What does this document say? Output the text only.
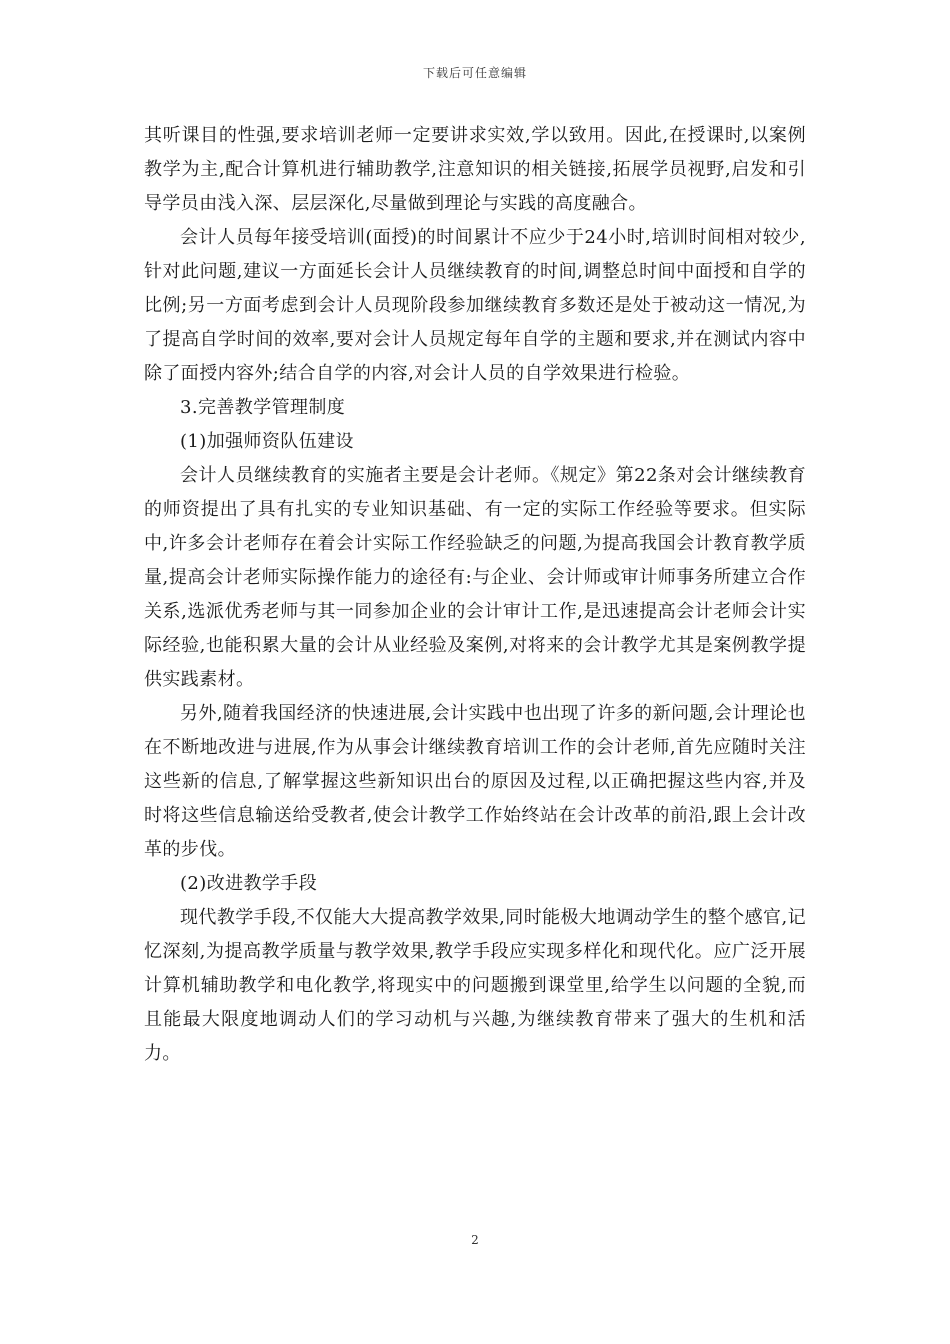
下载后可任意编辑

其听课目的性强,要求培训老师一定要讲求实效,学以致用。因此,在授课时,以案例教学为主,配合计算机进行辅助教学,注意知识的相关链接,拓展学员视野,启发和引导学员由浅入深、层层深化,尽量做到理论与实践的高度融合。

会计人员每年接受培训(面授)的时间累计不应少于24小时,培训时间相对较少,针对此问题,建议一方面延长会计人员继续教育的时间,调整总时间中面授和自学的比例;另一方面考虑到会计人员现阶段参加继续教育多数还是处于被动这一情况,为了提高自学时间的效率,要对会计人员规定每年自学的主题和要求,并在测试内容中除了面授内容外;结合自学的内容,对会计人员的自学效果进行检验。

3.完善教学管理制度

(1)加强师资队伍建设

会计人员继续教育的实施者主要是会计老师。《规定》第22条对会计继续教育的师资提出了具有扎实的专业知识基础、有一定的实际工作经验等要求。但实际中,许多会计老师存在着会计实际工作经验缺乏的问题,为提高我国会计教育教学质量,提高会计老师实际操作能力的途径有:与企业、会计师或审计师事务所建立合作关系,选派优秀老师与其一同参加企业的会计审计工作,是迅速提高会计老师会计实际经验,也能积累大量的会计从业经验及案例,对将来的会计教学尤其是案例教学提供实践素材。

另外,随着我国经济的快速进展,会计实践中也出现了许多的新问题,会计理论也在不断地改进与进展,作为从事会计继续教育培训工作的会计老师,首先应随时关注这些新的信息,了解掌握这些新知识出台的原因及过程,以正确把握这些内容,并及时将这些信息输送给受教者,使会计教学工作始终站在会计改革的前沿,跟上会计改革的步伐。

(2)改进教学手段

现代教学手段,不仅能大大提高教学效果,同时能极大地调动学生的整个感官,记忆深刻,为提高教学质量与教学效果,教学手段应实现多样化和现代化。应广泛开展计算机辅助教学和电化教学,将现实中的问题搬到课堂里,给学生以问题的全貌,而且能最大限度地调动人们的学习动机与兴趣,为继续教育带来了强大的生机和活力。

2
